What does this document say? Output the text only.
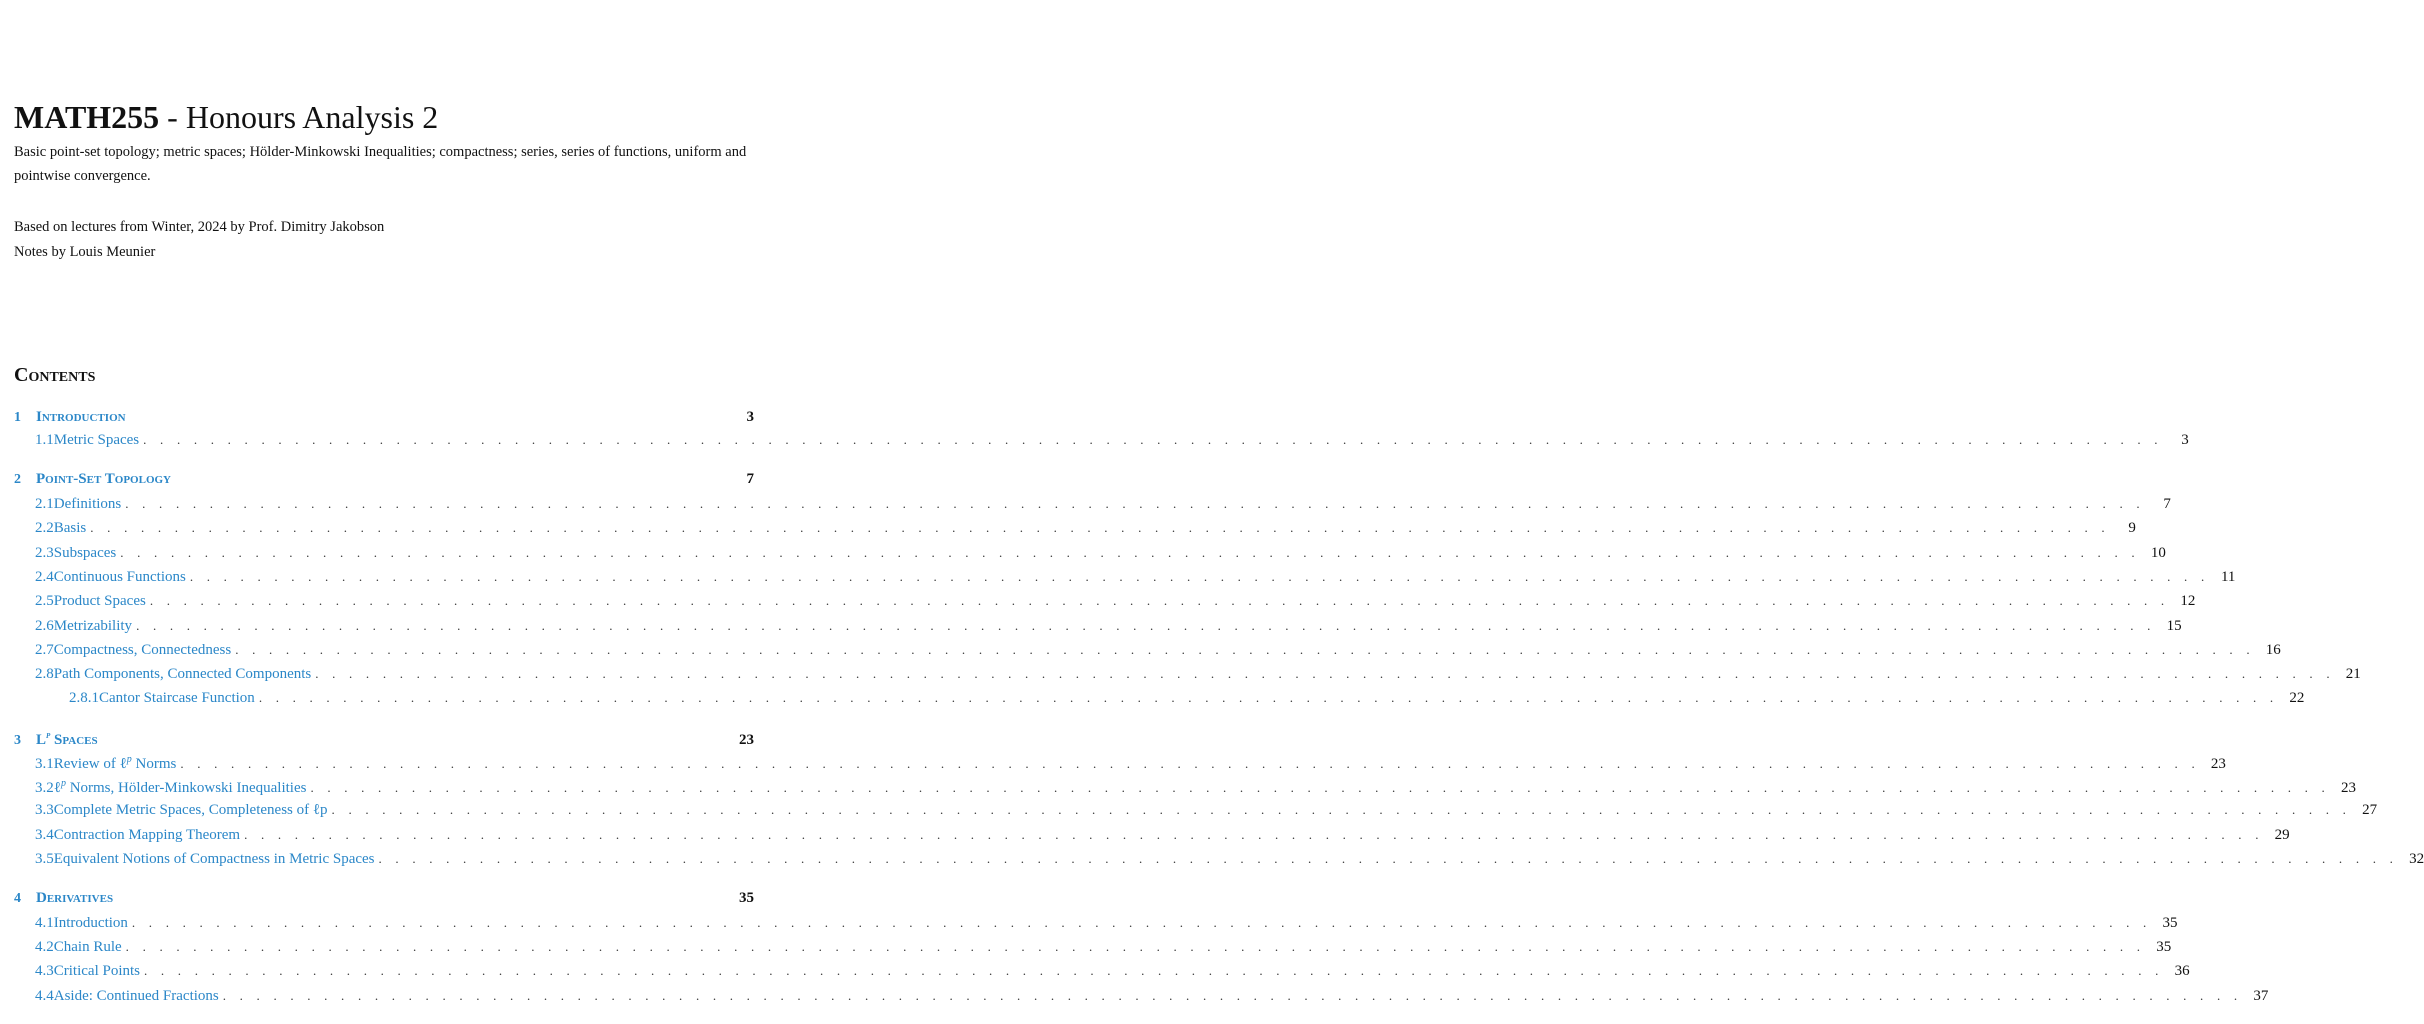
MATH255 - Honours Analysis 2
Basic point-set topology; metric spaces; Hölder-Minkowski Inequalities; compactness; series, series of functions, uniform and pointwise convergence.
Based on lectures from Winter, 2024 by Prof. Dimitry Jakobson
Notes by Louis Meunier
Contents
1	Introduction	3
1.1 Metric Spaces . . . . . . . . . . . . . . . . . . . . . . . . . . . . . . . . . . . . . . . . . . . . . . . . . . . . . . . . . . . . . . . . . . . . . . . . . . . . . . . . . . . . . . . . . . . . . . . . . . . . . . . . . . . . . . . . . . . . . . . .	3
2	Point-Set Topology	7
2.1 Definitions . . . . . . . . . . . . . . . . . . . . . . . . . . . . . . . . . . . . . . . . . . . . . . . . . . . . . . . . . . . . . . . . . . . . . . . . . . . . . . . . . . . . . . . . . . . . . . . . . . . . . . . . . . . . . . . . . . . . . . . .	7
2.2 Basis . . . . . . . . . . . . . . . . . . . . . . . . . . . . . . . . . . . . . . . . . . . . . . . . . . . . . . . . . . . . . . . . . . . . . . . . . . . . . . . . . . . . . . . . . . . . . . . . . . . . . . . . . . . . . . . . . . . . . . . .	9
2.3 Subspaces . . . . . . . . . . . . . . . . . . . . . . . . . . . . . . . . . . . . . . . . . . . . . . . . . . . . . . . . . . . . . . . . . . . . . . . . . . . . . . . . . . . . . . . . . . . . . . . . . . . . . . . . . . . . . . . . . . . . . . . . 10
2.4 Continuous Functions . . . . . . . . . . . . . . . . . . . . . . . . . . . . . . . . . . . . . . . . . . . . . . . . . . . . . . . . . . . . . . . . . . . . . . . . . . . . . . . . . . . . . . . . . . . . . . . . . . . . . . . . . . . . . . . . . . . . . . . . 11
2.5 Product Spaces . . . . . . . . . . . . . . . . . . . . . . . . . . . . . . . . . . . . . . . . . . . . . . . . . . . . . . . . . . . . . . . . . . . . . . . . . . . . . . . . . . . . . . . . . . . . . . . . . . . . . . . . . . . . . . . . . . . . . . . . 12
2.6 Metrizability . . . . . . . . . . . . . . . . . . . . . . . . . . . . . . . . . . . . . . . . . . . . . . . . . . . . . . . . . . . . . . . . . . . . . . . . . . . . . . . . . . . . . . . . . . . . . . . . . . . . . . . . . . . . . . . . . . . . . . . . 15
2.7 Compactness, Connectedness . . . . . . . . . . . . . . . . . . . . . . . . . . . . . . . . . . . . . . . . . . . . . . . . . . . . . . . . . . . . . . . . . . . . . . . . . . . . . . . . . . . . . . . . . . . . . . . . . . . . . . . . . . . . . . . . . . . . . . . . 16
2.8 Path Components, Connected Components . . . . . . . . . . . . . . . . . . . . . . . . . . . . . . . . . . . . . . . . . . . . . . . . . . . . . . . . . . . . . . . . . . . . . . . . . . . . . . . . . . . . . . . . . . . . . . . . . . . . . . . . . . . . . . . . . . . . . . . . 21
2.8.1 Cantor Staircase Function . . . . . . . . . . . . . . . . . . . . . . . . . . . . . . . . . . . . . . . . . . . . . . . . . . . . . . . . . . . . . . . . . . . . . . . . . . . . . . . . . . . . . . . . . . . . . . . . . . . . . . . . . . . . . . . . . . . . . . . . 22
3	$L^p$ Spaces	23
3.1 Review of ℓ$^p$ Norms . . . . . . . . . . . . . . . . . . . . . . . . . . . . . . . . . . . . . . . . . . . . . . . . . . . . . . . . . . . . . . . . . . . . . . . . . . . . . . . . . . . . . . . . . . . . . . . . . . . . . . . . . . . . . . . . . . . . . . . . 23
3.2 ℓ$^p$ Norms, Hölder-Minkowski Inequalities . . . . . . . . . . . . . . . . . . . . . . . . . . . . . . . . . . . . . . . . . . . . . . . . . . . . . . . . . . . . . . . . . . . . . . . . . . . . . . . . . . . . . . . . . . . . . . . . . . . . . . . . . . . . . . . . . . . . . . . . 23
3.3 Complete Metric Spaces, Completeness of ℓp . . . . . . . . . . . . . . . . . . . . . . . . . . . . . . . . . . . . . . . . . . . . . . . . . . . . . . . . . . . . . . . . . . . . . . . . . . . . . . . . . . . . . . . . . . . . . . . . . . . . . . . . . . . . . . . . . . . . . . . . 27
3.4 Contraction Mapping Theorem . . . . . . . . . . . . . . . . . . . . . . . . . . . . . . . . . . . . . . . . . . . . . . . . . . . . . . . . . . . . . . . . . . . . . . . . . . . . . . . . . . . . . . . . . . . . . . . . . . . . . . . . . . . . . . . . . . . . . . . . 29
3.5 Equivalent Notions of Compactness in Metric Spaces . . . . . . . . . . . . . . . . . . . . . . . . . . . . . . . . . . . . . . . . . . . . . . . . . . . . . . . . . . . . . . . . . . . . . . . . . . . . . . . . . . . . . . . . . . . . . . . . . . . . . . . . . . . . . . . . . . . . . . . . 32
4	Derivatives	35
4.1 Introduction . . . . . . . . . . . . . . . . . . . . . . . . . . . . . . . . . . . . . . . . . . . . . . . . . . . . . . . . . . . . . . . . . . . . . . . . . . . . . . . . . . . . . . . . . . . . . . . . . . . . . . . . . . . . . . . . . . . . . . . . 35
4.2 Chain Rule . . . . . . . . . . . . . . . . . . . . . . . . . . . . . . . . . . . . . . . . . . . . . . . . . . . . . . . . . . . . . . . . . . . . . . . . . . . . . . . . . . . . . . . . . . . . . . . . . . . . . . . . . . . . . . . . . . . . . . . . 35
4.3 Critical Points . . . . . . . . . . . . . . . . . . . . . . . . . . . . . . . . . . . . . . . . . . . . . . . . . . . . . . . . . . . . . . . . . . . . . . . . . . . . . . . . . . . . . . . . . . . . . . . . . . . . . . . . . . . . . . . . . . . . . . . . 36
4.4 Aside: Continued Fractions . . . . . . . . . . . . . . . . . . . . . . . . . . . . . . . . . . . . . . . . . . . . . . . . . . . . . . . . . . . . . . . . . . . . . . . . . . . . . . . . . . . . . . . . . . . . . . . . . . . . . . . . . . . . . . . . . . . . . . . . 37
